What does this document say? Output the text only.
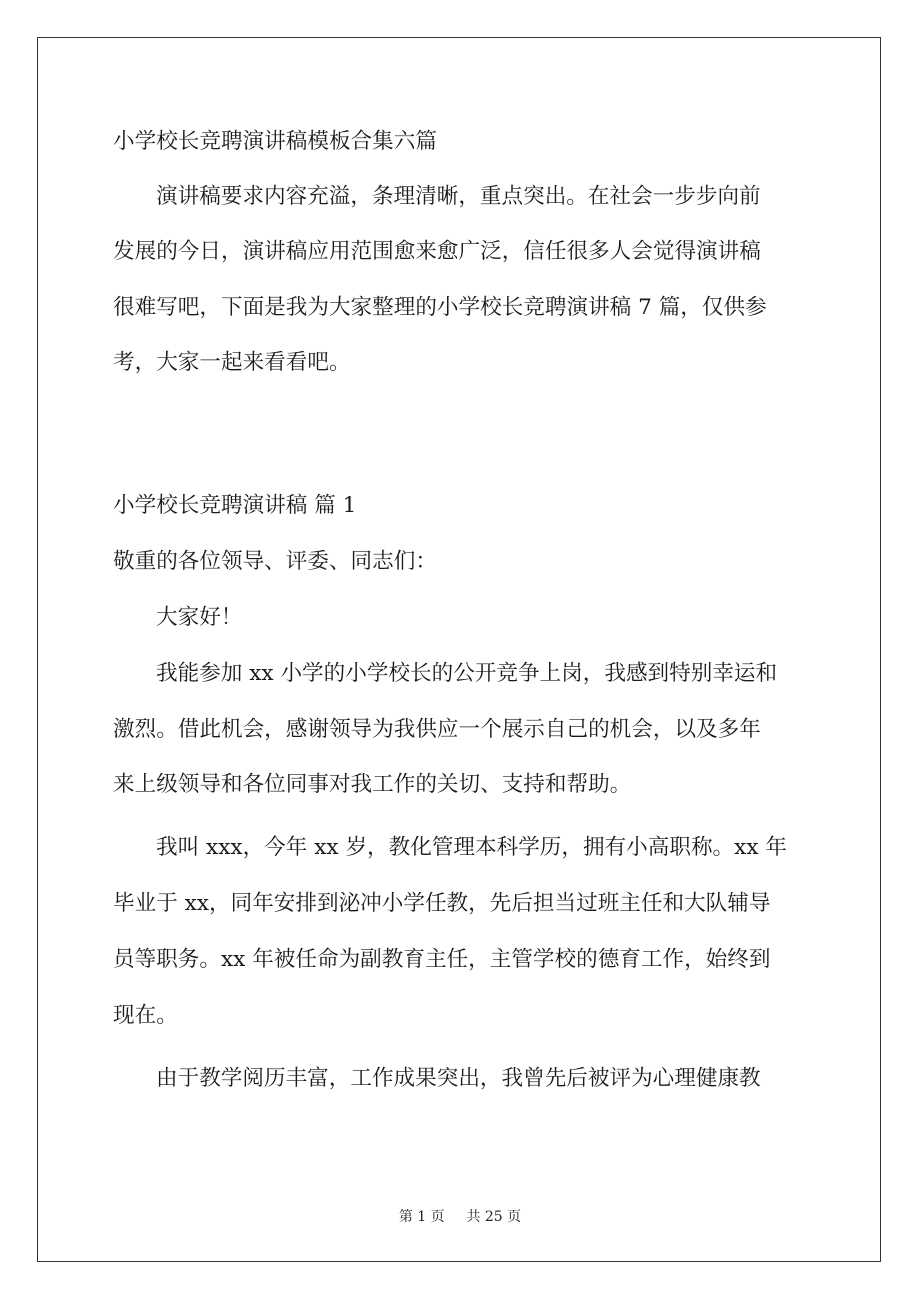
小学校长竞聘演讲稿模板合集六篇
演讲稿要求内容充溢，条理清晰，重点突出。在社会一步步向前
发展的今日，演讲稿应用范围愈来愈广泛，信任很多人会觉得演讲稿
很难写吧，下面是我为大家整理的小学校长竞聘演讲稿 7 篇，仅供参
考，大家一起来看看吧。
小学校长竞聘演讲稿 篇 1
敬重的各位领导、评委、同志们：
大家好！
我能参加 xx 小学的小学校长的公开竞争上岗，我感到特别幸运和
激烈。借此机会，感谢领导为我供应一个展示自己的机会，以及多年
来上级领导和各位同事对我工作的关切、支持和帮助。
我叫 xxx，今年 xx 岁，教化管理本科学历，拥有小高职称。xx 年
毕业于 xx，同年安排到泌冲小学任教，先后担当过班主任和大队辅导
员等职务。xx 年被任命为副教育主任，主管学校的德育工作，始终到
现在。
由于教学阅历丰富，工作成果突出，我曾先后被评为心理健康教
第 1 页 共 25 页
